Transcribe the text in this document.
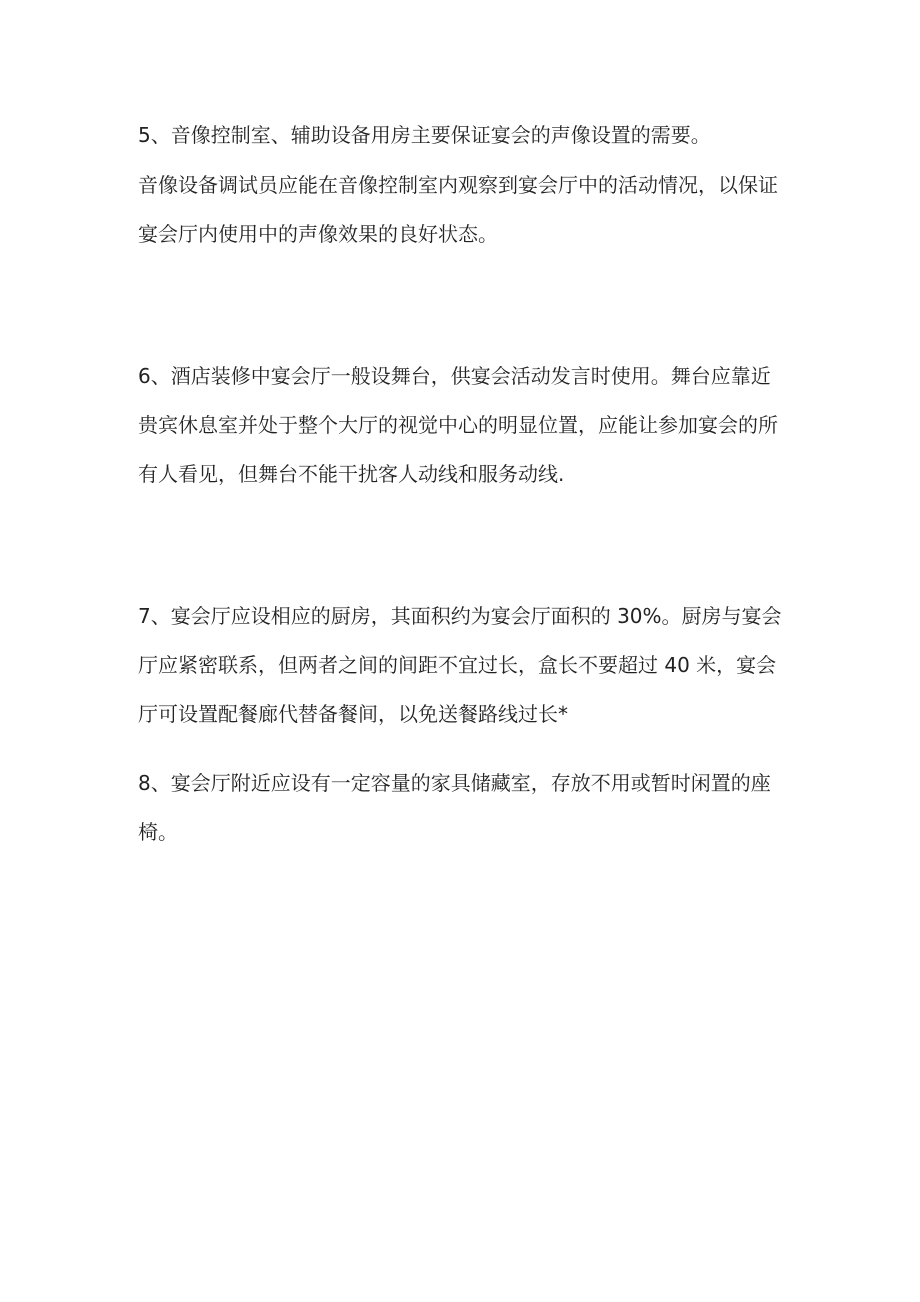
5、音像控制室、辅助设备用房主要保证宴会的声像设置的需要。
音像设备调试员应能在音像控制室内观察到宴会厅中的活动情况，以保证
宴会厅内使用中的声像效果的良好状态。
6、酒店装修中宴会厅一般设舞台，供宴会活动发言时使用。舞台应靠近
贵宾休息室并处于整个大厅的视觉中心的明显位置，应能让参加宴会的所
有人看见，但舞台不能干扰客人动线和服务动线.
7、宴会厅应设相应的厨房，其面积约为宴会厅面积的 30%。厨房与宴会
厅应紧密联系，但两者之间的间距不宜过长，盒长不要超过 40 米，宴会
厅可设置配餐廊代替备餐间，以免送餐路线过长*
8、宴会厅附近应设有一定容量的家具储藏室，存放不用或暂时闲置的座
椅。
